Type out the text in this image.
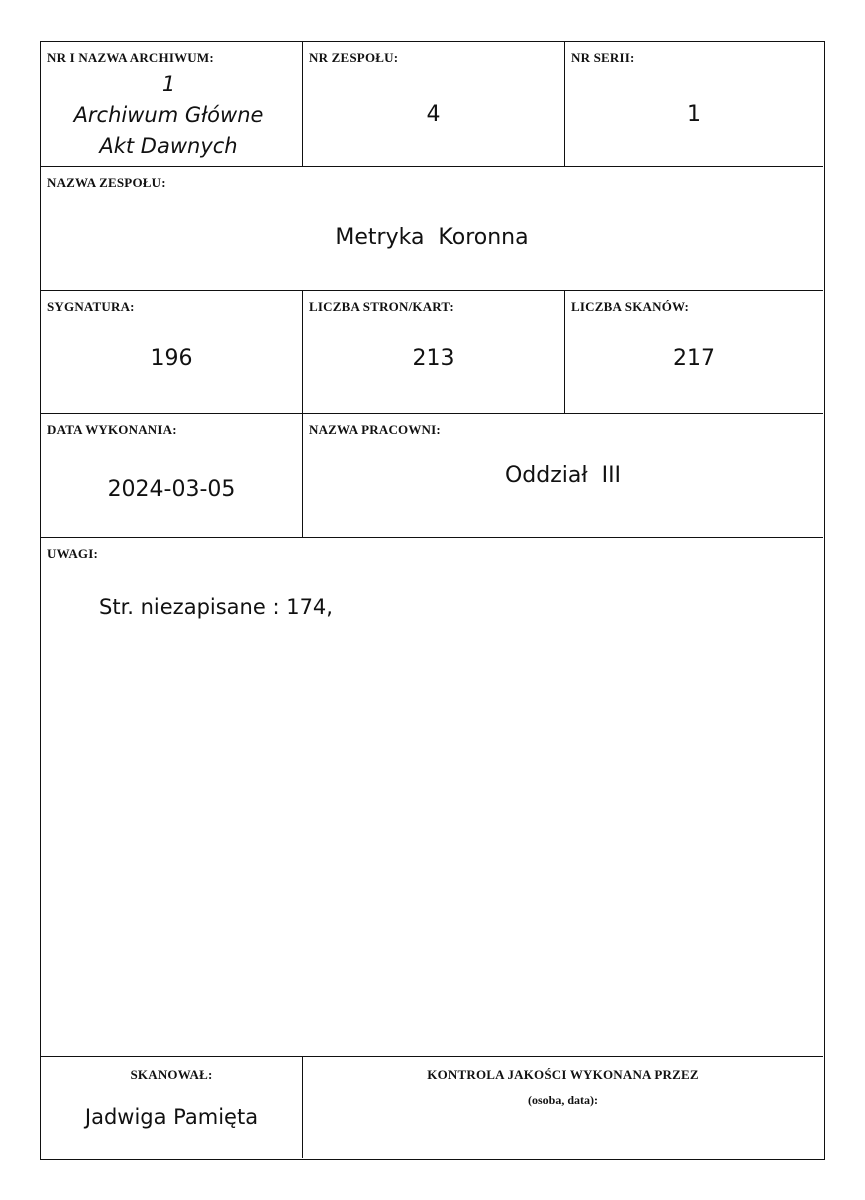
NR I NAZWA ARCHIWUM:
1
Archiwum Główne
Akt Dawnych
NR ZESPOŁU:
4
NR SERII:
1
NAZWA ZESPOŁU:
Metryka  Koronna
SYGNATURA:
196
LICZBA STRON/KART:
213
LICZBA SKANÓW:
217
DATA WYKONANIA:
2024-03-05
NAZWA PRACOWNI:
Oddział  III
UWAGI:
Str. niezapisane : 174,
SKANOWAŁ:
Jadwiga Pamięta
KONTROLA JAKOŚCI WYKONANA PRZEZ
(osoba, data):
